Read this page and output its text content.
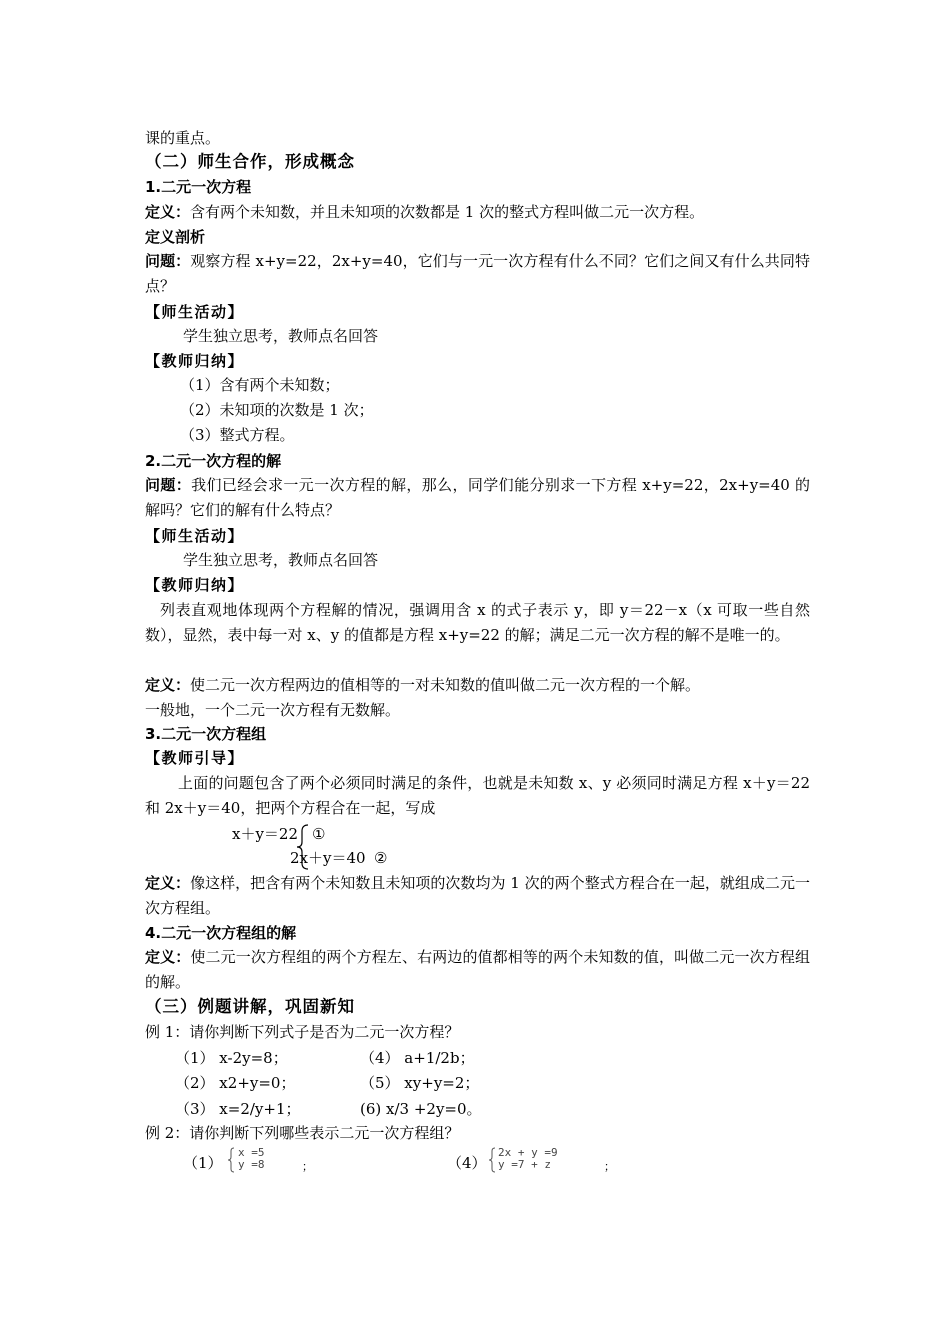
课的重点。
（二）师生合作，形成概念
1.二元一次方程
定义：含有两个未知数，并且未知项的次数都是 1 次的整式方程叫做二元一次方程。
定义剖析
问题：观察方程 x+y=22，2x+y=40，它们与一元一次方程有什么不同？它们之间又有什么共同特点？
【师生活动】
学生独立思考，教师点名回答
【教师归纳】
（1）含有两个未知数；
（2）未知项的次数是 1 次；
（3）整式方程。
2.二元一次方程的解
问题：我们已经会求一元一次方程的解，那么，同学们能分别求一下方程 x+y=22，2x+y=40 的解吗？它们的解有什么特点？
【师生活动】
学生独立思考，教师点名回答
【教师归纳】
列表直观地体现两个方程解的情况，强调用含 x 的式子表示 y，即 y＝22－x（x 可取一些自然数），显然，表中每一对 x、y 的值都是方程 x+y=22 的解；满足二元一次方程的解不是唯一的。
定义：使二元一次方程两边的值相等的一对未知数的值叫做二元一次方程的一个解。
一般地，一个二元一次方程有无数解。
3.二元一次方程组
【教师引导】
上面的问题包含了两个必须同时满足的条件，也就是未知数 x、y 必须同时满足方程 x＋y＝22 和 2x＋y＝40，把两个方程合在一起，写成
x＋y＝22 ①
2x＋y＝40 ②
定义：像这样，把含有两个未知数且未知项的次数均为 1 次的两个整式方程合在一起，就组成二元一次方程组。
4.二元一次方程组的解
定义：使二元一次方程组的两个方程左、右两边的值都相等的两个未知数的值，叫做二元一次方程组的解。
（三）例题讲解，巩固新知
例 1：请你判断下列式子是否为二元一次方程？
（1） x-2y=8；	（4） a+1/2b；
（2） x2+y=0；	（5） xy+y=2；
（3） x=2/y+1；	(6) x/3 +2y=0。
例 2：请你判断下列哪些表示二元一次方程组？
（1）
x =5
y =8	；	（4）
2x + y =9
y =7 + z	；
